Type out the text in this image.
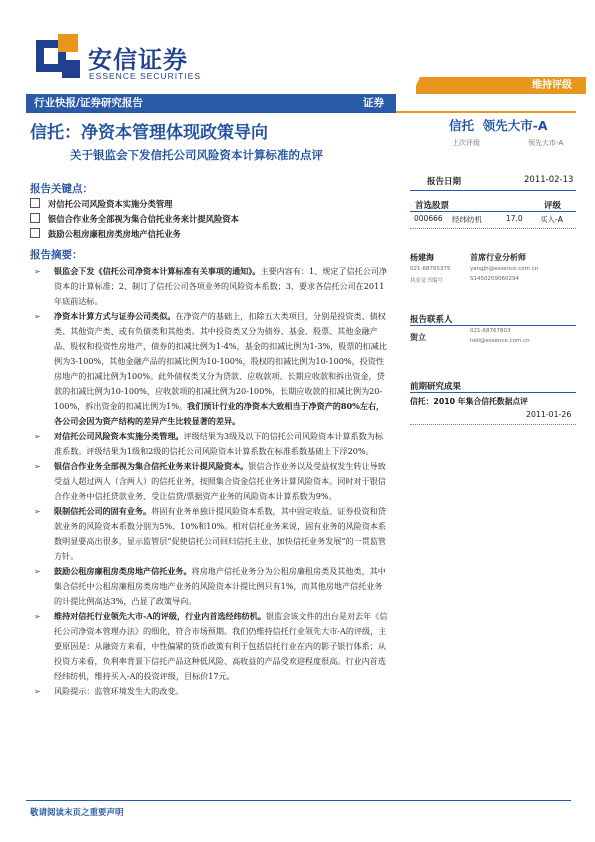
安信证券
ESSENCE SECURITIES
维持评级
行业快报/证券研究报告	证券
信托：净资本管理体现政策导向
关于银监会下发信托公司风险资本计算标准的点评
信托 领先大市-A
上次评级	领先大市-A
报告日期	2011-02-13
首选股票	评级
000666 经纬纺机	17.0 买入-A
杨建海	首席行业分析师
021-68765375	yangjh@essence.com.cn
执业证书编号	S1450209060294
报告联系人
贺立
021-68767803
heli@essence.com.cn
前期研究成果
信托：2010 年集合信托数据点评
2011-01-26
报告关键点：
对信托公司风险资本实施分类管理
银信合作业务全部视为集合信托业务来计提风险资本
鼓励公租房廉租房类房地产信托业务
报告摘要：
➢ 银监会下发《信托公司净资本计算标准有关事项的通知》。主要内容有：1、规定了信托公司净资本的计算标准；2、制订了信托公司各项业务的风险资本系数；3、要求各信托公司在2011年底前达标。
➢ 净资本计算方式与证券公司类似。在净资产的基础上，扣除五大类项目，分别是投资类、债权类、其他资产类、或有负债类和其他类。其中投资类又分为债券、基金、股票、其他金融产品、股权和投资性房地产，债券的扣减比例为1-4%，基金的扣减比例为1-3%，股票的扣减比例为3-100%，其他金融产品的扣减比例为10-100%，股权的扣减比例为10-100%，投资性房地产的扣减比例为100%。此外债权类又分为贷款、应收款项、长期应收款和拆出资金，贷款的扣减比例为10-100%，应收款项的扣减比例为20-100%，长期应收款的扣减比例为20-100%，拆出资金的扣减比例为1%。我们预计行业的净资本大致相当于净资产的80%左右，各公司会因为资产结构的差异产生比较显著的差异。
➢ 对信托公司风险资本实施分类管理。评级结果为3级及以下的信托公司风险资本计算系数为标准系数。评级结果为1级和2级的信托公司风险资本计算系数在标准系数基础上下浮20%。
➢ 银信合作业务全部视为集合信托业务来计提风险资本。银信合作业务以及受益权发生转让导致受益人超过两人（含两人）的信托业务，按照集合资金信托业务计算风险资本。同时对于银信合作业务中信托贷款业务、受让信贷/票据资产业务的风险资本计算系数为9%。
➢ 限制信托公司的固有业务。将固有业务单独计提风险资本系数，其中固定收益、证券投资和贷款业务的风险资本系数分别为5%、10%和10%。相对信托业务来说，固有业务的风险资本系数明显要高出很多，显示监管层“促使信托公司回归信托主业、加快信托业务发展”的一贯监管方针。
➢ 鼓励公租房廉租房类房地产信托业务。将房地产信托业务分为公租房廉租房类及其他类，其中集合信托中公租房廉租房类房地产业务的风险资本计提比例只有1%，而其他房地产信托业务的计提比例高达3%，凸显了政策导向。
➢ 维持对信托行业领先大市-A的评级，行业内首选经纬纺机。银监会该文件的出台是对去年《信托公司净资本管理办法》的细化，符合市场预期。我们仍维持信托行业领先大市-A的评级，主要原因是：从融资方来看，中性偏紧的货币政策有利于包括信托行业在内的影子银行体系；从投资方来看，负利率背景下信托产品这种低风险、高收益的产品受欢迎程度很高。行业内首选经纬纺机，维持买入-A的投资评级，目标价17元。
➢ 风险提示：监管环境发生大的改变。
敬请阅读末页之重要声明
